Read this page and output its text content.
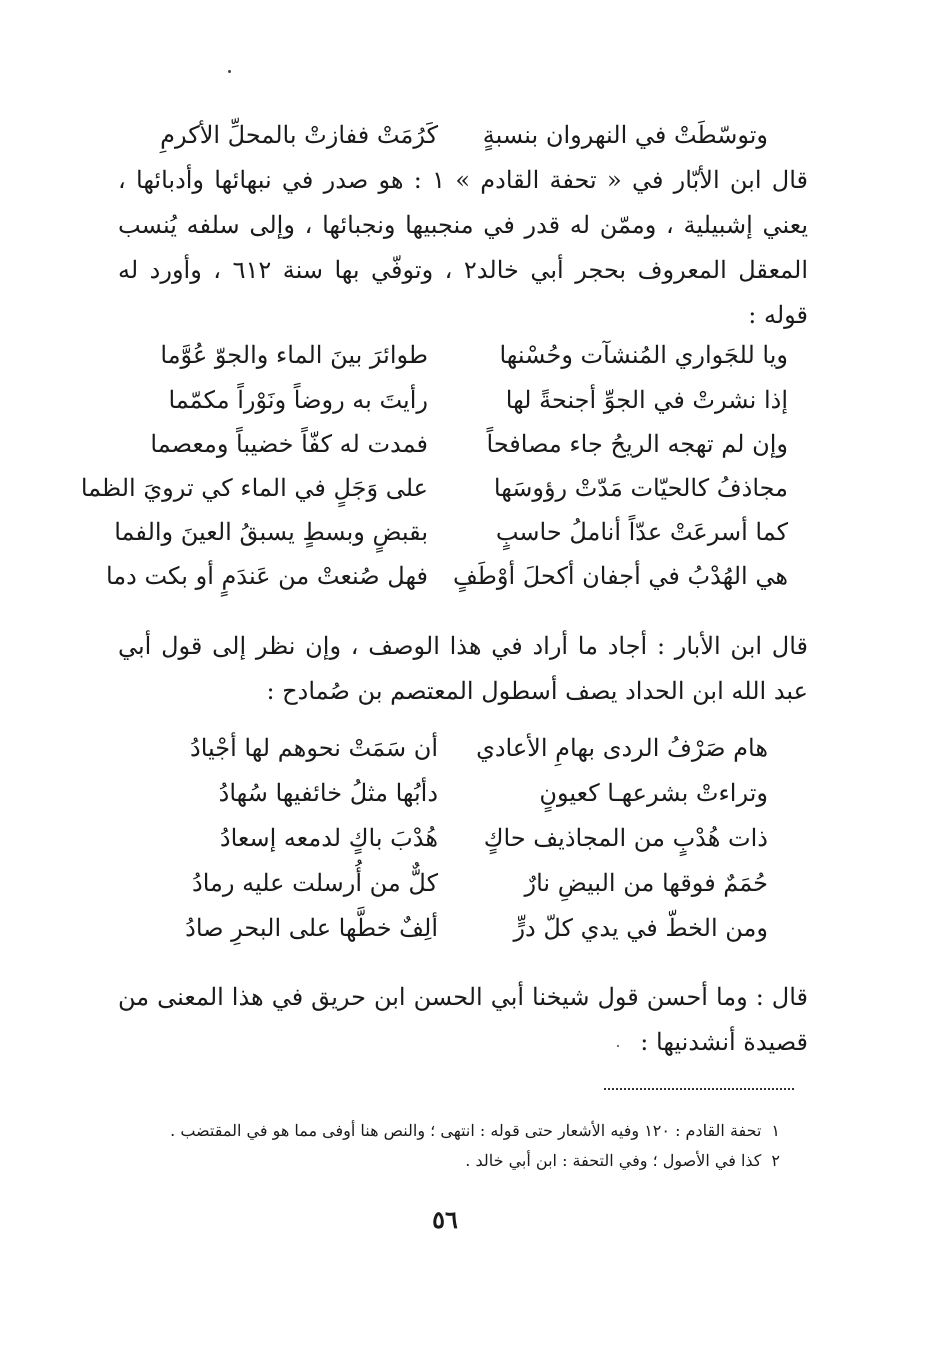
وتوسّطَتْ في النهروان بنسبةٍ
كَرُمَتْ ففازتْ بالمحلِّ الأكرمِ
قال ابن الأبّار في « تحفة القادم » ١ : هو صدر في نبهائها وأدبائها ، يعني إشبيلية ، وممّن له قدر في منجبيها ونجبائها ، وإلى سلفه يُنسب المعقل المعروف بحجر أبي خالد٢ ، وتوفّي بها سنة ٦١٢ ، وأورد له قوله :
ويا للجَواري المُنشآت وحُسْنها
طوائرَ بينَ الماء والجوّ عُوَّما
إذا نشرتْ في الجوِّ أجنحةً لها
رأيتَ به روضاً ونَوْراً مكمّما
وإن لم تهجه الريحُ جاء مصافحاً
فمدت له كفّاً خضيباً ومعصما
مجاذفُ كالحيّات مَدّتْ رؤوسَها
على وَجَلٍ في الماء كي ترويَ الظما
كما أسرعَتْ عدّاً أناملُ حاسبٍ
بقبضٍ وبسطٍ يسبقُ العينَ والفما
هي الهُدْبُ في أجفان أكحلَ أوْطَفٍ
فهل صُنعتْ من عَندَمٍ أو بكت دما
قال ابن الأبار : أجاد ما أراد في هذا الوصف ، وإن نظر إلى قول أبي عبد الله ابن الحداد يصف أسطول المعتصم بن صُمادح :
هام صَرْفُ الردى بهامِ الأعادي
أن سَمَتْ نحوهم لها أجْيادُ
وتراءتْ بشرعهـا كعيونٍ
دأبُها مثلُ خائفيها سُهادُ
ذات هُدْبٍ من المجاذيف حاكٍ
هُدْبَ باكٍ لدمعه إسعادُ
حُمَمٌ فوقها من البيضِ نارٌ
كلٌّ من أُرسلت عليه رمادُ
ومن الخطّ في يدي كلّ درٍّ
ألِفٌ خطَّها على البحرِ صادُ
قال : وما أحسن قول شيخنا أبي الحسن ابن حريق في هذا المعنى من قصيدة أنشدنيها :
١تحفة القادم : ١٢٠ وفيه الأشعار حتى قوله : انتهى ؛ والنص هنا أوفى مما هو في المقتضب .
٢كذا في الأصول ؛ وفي التحفة : ابن أبي خالد .
٥٦
